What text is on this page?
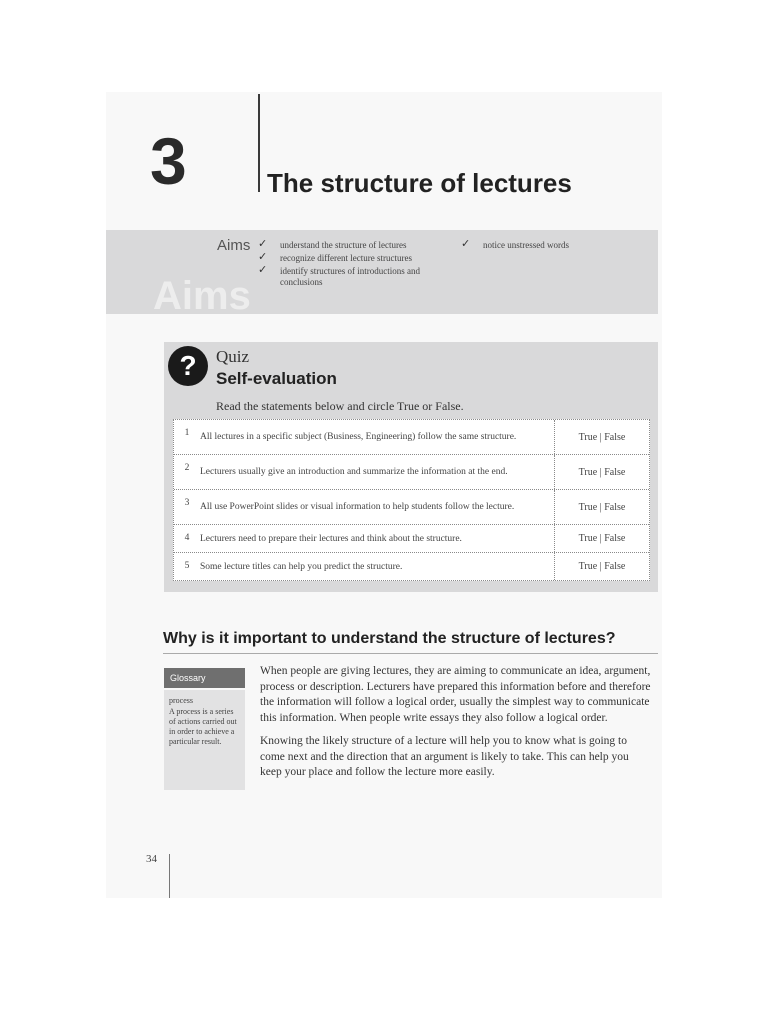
3	The structure of lectures
Aims
Aims ✓ understand the structure of lectures
✓ recognize different lecture structures
✓ identify structures of introductions and conclusions
✓ notice unstressed words
?	Quiz
Self-evaluation
Read the statements below and circle True or False.
1	All lectures in a specific subject (Business, Engineering) follow the same structure.	True | False
2	Lecturers usually give an introduction and summarize the information at the end.	True | False
3	All use PowerPoint slides or visual information to help students follow the lecture.	True | False
4	Lecturers need to prepare their lectures and think about the structure.	True | False
5	Some lecture titles can help you predict the structure.	True | False
Why is it important to understand the structure of lectures?
Glossary
process
A process is a series of actions carried out in order to achieve a particular result.

When people are giving lectures, they are aiming to communicate an idea, argument, process or description. Lecturers have prepared this information before and therefore the information will follow a logical order, usually the simplest way to communicate this information. When people write essays they also follow a logical order.

Knowing the likely structure of a lecture will help you to know what is going to come next and the direction that an argument is likely to take. This can help you keep your place and follow the lecture more easily.

34
